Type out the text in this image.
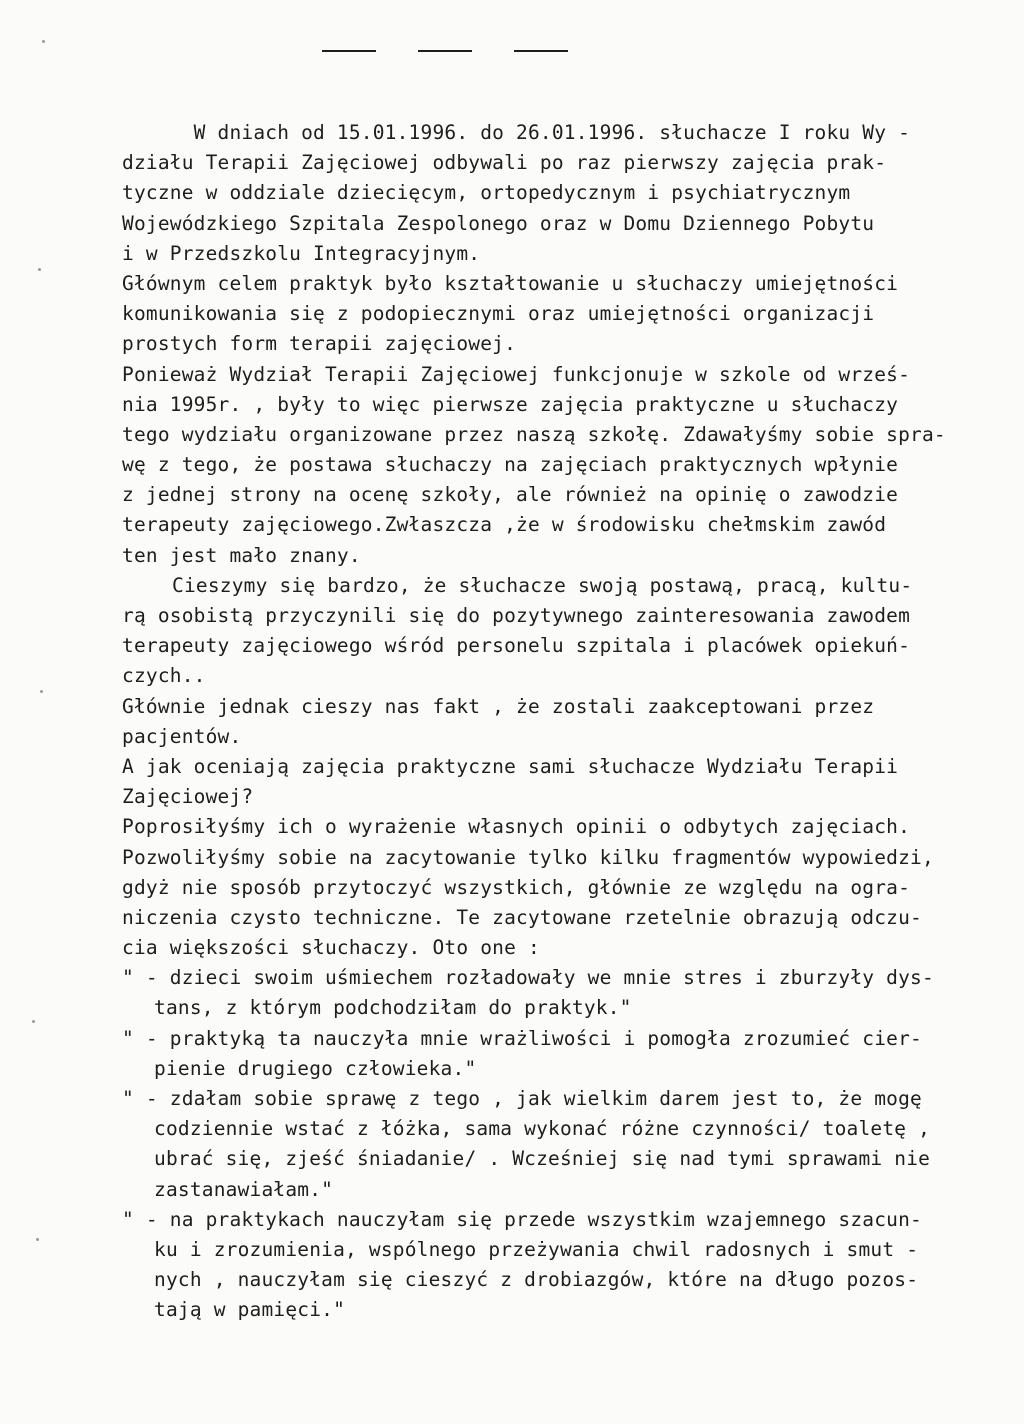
W dniach od 15.01.1996. do 26.01.1996. słuchacze I roku Wy -
działu Terapii Zajęciowej odbywali po raz pierwszy zajęcia prak-
tyczne w oddziale dziecięcym, ortopedycznym i psychiatrycznym
Wojewódzkiego Szpitala Zespolonego oraz w Domu Dziennego Pobytu
i w Przedszkolu Integracyjnym.
Głównym celem praktyk było kształtowanie u słuchaczy umiejętności
komunikowania się z podopiecznymi oraz umiejętności organizacji
prostych form terapii zajęciowej.
Ponieważ Wydział Terapii Zajęciowej funkcjonuje w szkole od wrześ-
nia 1995r. , były to więc pierwsze zajęcia praktyczne u słuchaczy
tego wydziału organizowane przez naszą szkołę. Zdawałyśmy sobie spra-
wę z tego, że postawa słuchaczy na zajęciach praktycznych wpłynie
z jednej strony na ocenę szkoły, ale również na opinię o zawodzie
terapeuty zajęciowego.Zwłaszcza ,że w środowisku chełmskim zawód
ten jest mało znany.
Cieszymy się bardzo, że słuchacze swoją postawą, pracą, kultu-
rą osobistą przyczynili się do pozytywnego zainteresowania zawodem
terapeuty zajęciowego wśród personelu szpitala i placówek opiekuń-
czych..
Głównie jednak cieszy nas fakt , że zostali zaakceptowani przez
pacjentów.
A jak oceniają zajęcia praktyczne sami słuchacze Wydziału Terapii
Zajęciowej?
Poprosiłyśmy ich o wyrażenie własnych opinii o odbytych zajęciach.
Pozwoliłyśmy sobie na zacytowanie tylko kilku fragmentów wypowiedzi,
gdyż nie sposób przytoczyć wszystkich, głównie ze względu na ogra-
niczenia czysto techniczne. Te zacytowane rzetelnie obrazują odczu-
cia większości słuchaczy. Oto one :
" - dzieci swoim uśmiechem rozładowały we mnie stres i zburzyły dys-
tans, z którym podchodziłam do praktyk."
" - praktyką ta nauczyła mnie wrażliwości i pomogła zrozumieć cier-
pienie drugiego człowieka."
" - zdałam sobie sprawę z tego , jak wielkim darem jest to, że mogę
codziennie wstać z łóżka, sama wykonać różne czynności/ toaletę ,
ubrać się, zjeść śniadanie/ . Wcześniej się nad tymi sprawami nie
zastanawiałam."
" - na praktykach nauczyłam się przede wszystkim wzajemnego szacun-
ku i zrozumienia, wspólnego przeżywania chwil radosnych i smut -
nych , nauczyłam się cieszyć z drobiazgów, które na długo pozos-
tają w pamięci."
